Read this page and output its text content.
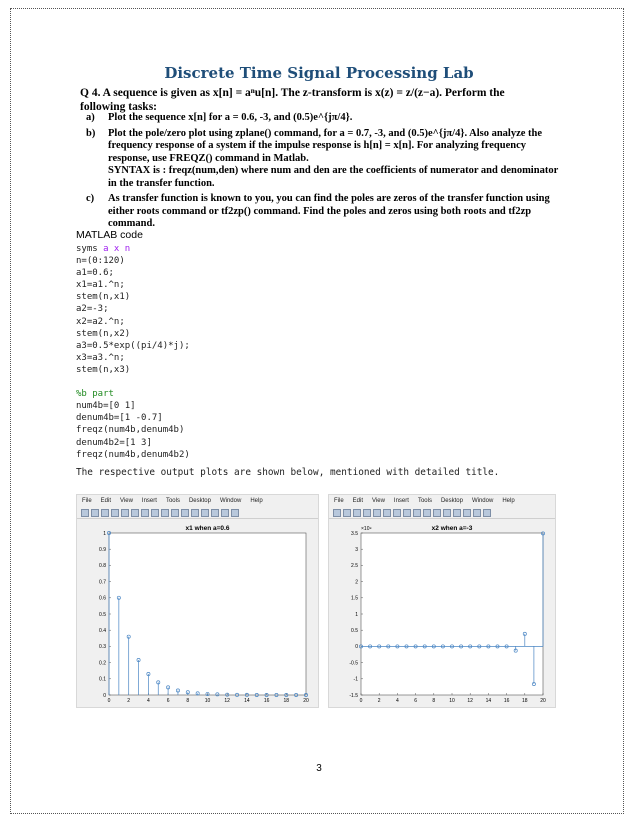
Discrete Time Signal Processing Lab
Q 4. A sequence is given as x[n] = aⁿu[n]. The z-transform is x(z) = z/(z−a). Perform the
following tasks:
a)	Plot the sequence x[n] for a = 0.6, -3, and (0.5)e^{jπ/4}.
b)	Plot the pole/zero plot using zplane() command, for a = 0.7, -3, and (0.5)e^{jπ/4}. Also analyze the frequency response of a system if the impulse response is h[n] = x[n]. For analyzing frequency response, use FREQZ() command in Matlab.
SYNTAX is : freqz(num,den) where num and den are the coefficients of numerator and denominator in the transfer function.
c)	As transfer function is known to you, you can find the poles are zeros of the transfer function using either roots command or tf2zp() command. Find the poles and zeros using both roots and tf2zp command.
MATLAB code
syms a x n
n=(0:120)
a1=0.6;
x1=a1.^n;
stem(n,x1)
a2=-3;
x2=a2.^n;
stem(n,x2)
a3=0.5*exp((pi/4)*j);
x3=a3.^n;
stem(n,x3)
%b part
num4b=[0 1]
denum4b=[1 -0.7]
freqz(num4b,denum4b)
denum4b2=[1 3]
freqz(num4b,denum4b2)
The respective output plots are shown below, mentioned with detailed title.
File Edit View Insert Tools Desktop Window Help
x1 when a=0.6
0	2	4	6	8	10	12	14	16	18	20
0
0.1
0.2
0.3
0.4
0.5
0.6
0.7
0.8
0.9
1
File Edit View Insert Tools Desktop Window Help
x2 when a=-3
×10⁹
0	2	4	6	8	10	12	14	16	18	20
-1.5
-1
-0.5
0
0.5
1
1.5
2
2.5
3
3.5
3
